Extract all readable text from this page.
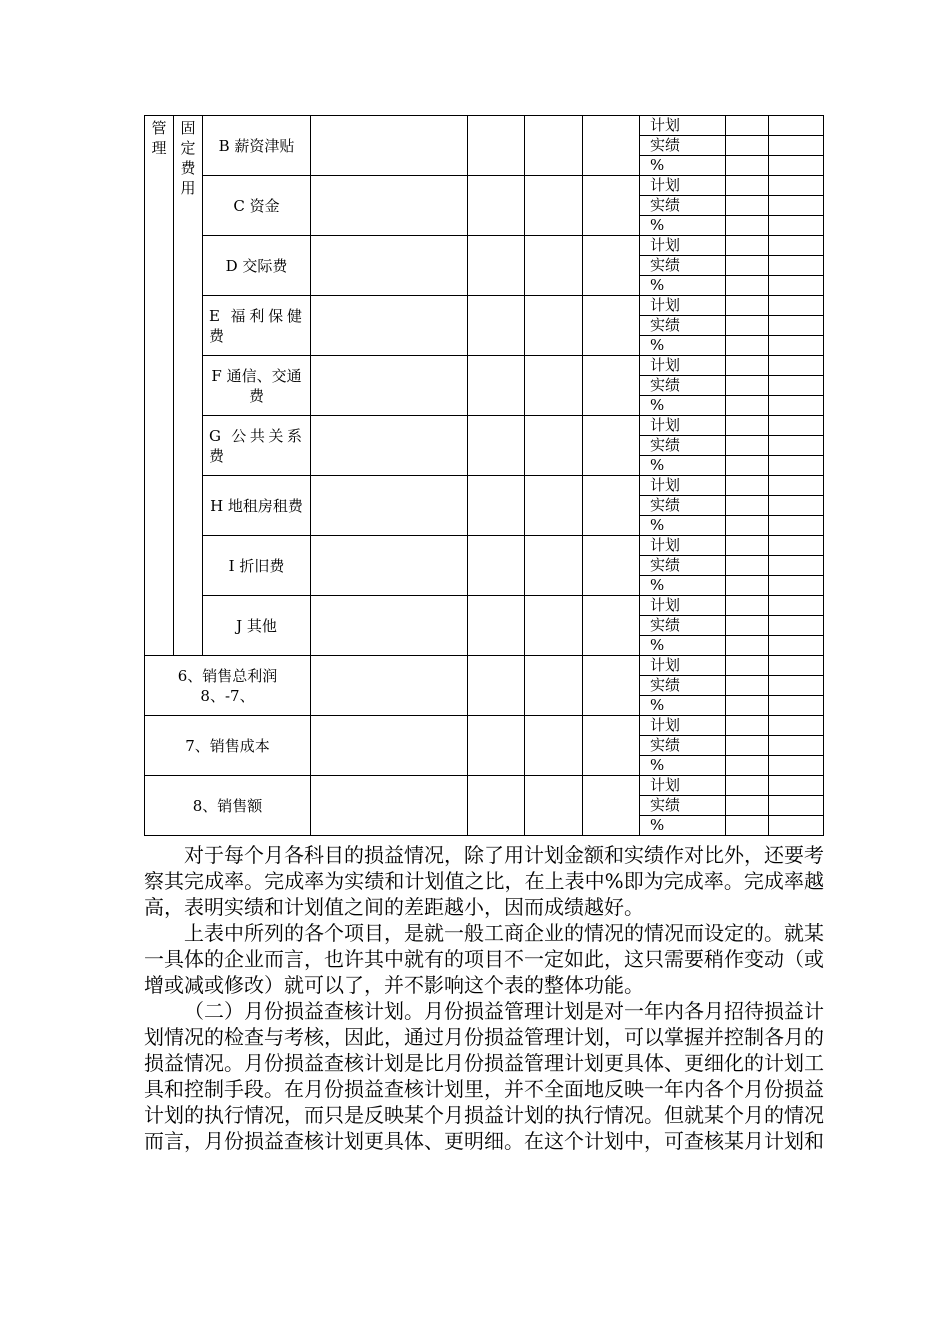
管理	固定费用	B 薪资津贴					计划		
							实绩		
							%		
		C 资金					计划		
							实绩		
							%		
		D 交际费					计划		
							实绩		
							%		
		E 福利保健费					计划		
							实绩		
							%		
		F 通信、交通费					计划		
							实绩		
							%		
		G 公共关系费					计划		
							实绩		
							%		
		H 地租房租费					计划		
							实绩		
							%		
		I 折旧费					计划		
							实绩		
							%		
		J 其他					计划		
							实绩		
							%		
6、销售总利润 8、-7、							计划		
							实绩		
							%		
7、销售成本							计划		
							实绩		
							%		
8、销售额							计划		
							实绩		
							%		

对于每个月各科目的损益情况，除了用计划金额和实绩作对比外，还要考察其完成率。完成率为实绩和计划值之比，在上表中%即为完成率。完成率越高，表明实绩和计划值之间的差距越小，因而成绩越好。

上表中所列的各个项目，是就一般工商企业的情况的情况而设定的。就某一具体的企业而言，也许其中就有的项目不一定如此，这只需要稍作变动（或增或减或修改）就可以了，并不影响这个表的整体功能。

（二）月份损益查核计划。月份损益管理计划是对一年内各月招待损益计划情况的检查与考核，因此，通过月份损益管理计划，可以掌握并控制各月的损益情况。月份损益查核计划是比月份损益管理计划更具体、更细化的计划工具和控制手段。在月份损益查核计划里，并不全面地反映一年内各个月份损益计划的执行情况，而只是反映某个月损益计划的执行情况。但就某个月的情况而言，月份损益查核计划更具体、更明细。在这个计划中，可查核某月计划和
